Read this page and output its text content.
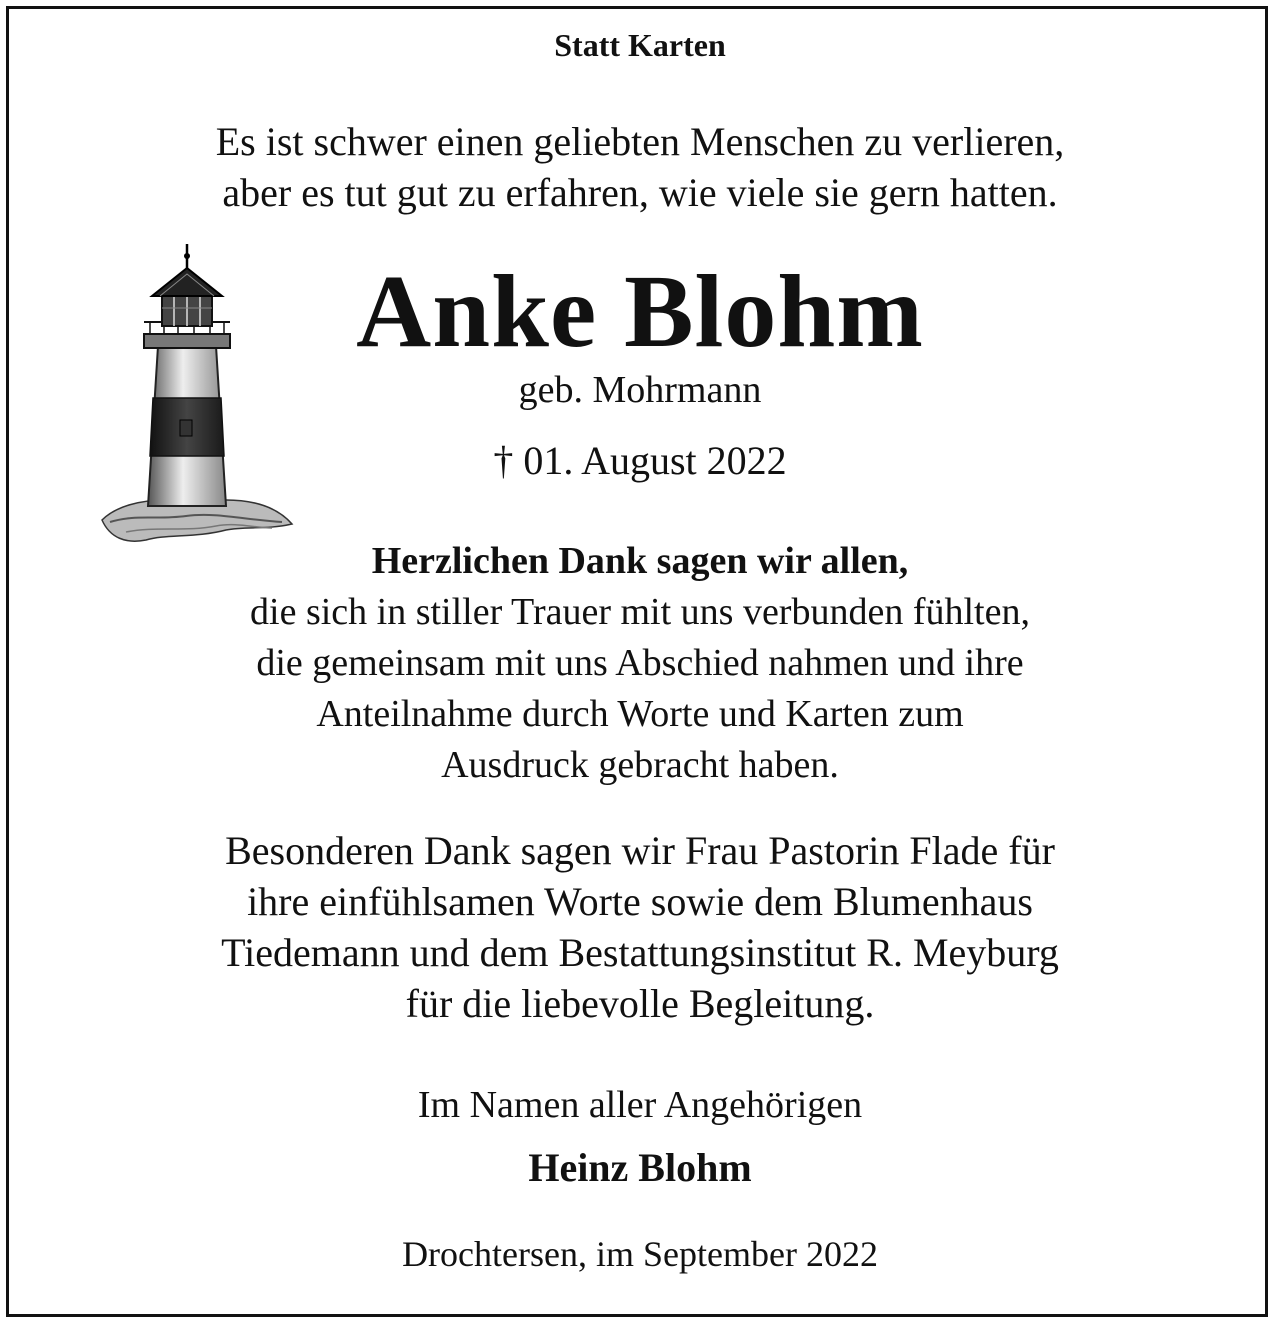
Statt Karten
Es ist schwer einen geliebten Menschen zu verlieren,
aber es tut gut zu erfahren, wie viele sie gern hatten.
Anke Blohm
geb. Mohrmann
† 01. August 2022
Herzlichen Dank sagen wir allen,
die sich in stiller Trauer mit uns verbunden fühlten,
die gemeinsam mit uns Abschied nahmen und ihre
Anteilnahme durch Worte und Karten zum
Ausdruck gebracht haben.
Besonderen Dank sagen wir Frau Pastorin Flade für
ihre einfühlsamen Worte sowie dem Blumenhaus
Tiedemann und dem Bestattungsinstitut R. Meyburg
für die liebevolle Begleitung.
Im Namen aller Angehörigen
Heinz Blohm
Drochtersen, im September 2022
